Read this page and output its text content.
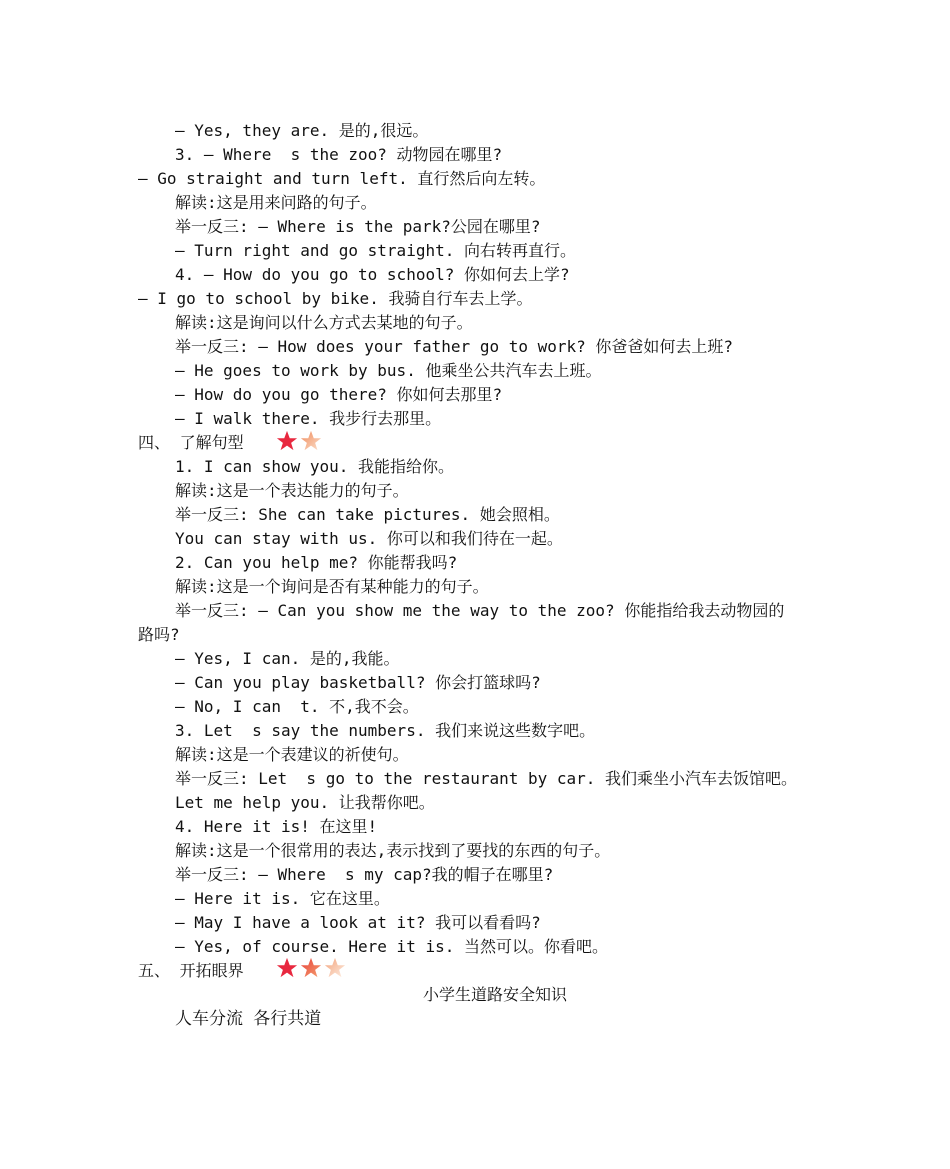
— Yes, they are. 是的,很远。
3. — Where  s the zoo? 动物园在哪里?
— Go straight and turn left. 直行然后向左转。
解读:这是用来问路的句子。
举一反三: — Where is the park?公园在哪里?
— Turn right and go straight. 向右转再直行。
4. — How do you go to school? 你如何去上学?
— I go to school by bike. 我骑自行车去上学。
解读:这是询问以什么方式去某地的句子。
举一反三: — How does your father go to work? 你爸爸如何去上班?
— He goes to work by bus. 他乘坐公共汽车去上班。
— How do you go there? 你如何去那里?
— I walk there. 我步行去那里。
四、 了解句型
1. I can show you. 我能指给你。
解读:这是一个表达能力的句子。
举一反三: She can take pictures. 她会照相。
You can stay with us. 你可以和我们待在一起。
2. Can you help me? 你能帮我吗?
解读:这是一个询问是否有某种能力的句子。
举一反三: — Can you show me the way to the zoo? 你能指给我去动物园的
路吗?
— Yes, I can. 是的,我能。
— Can you play basketball? 你会打篮球吗?
— No, I can  t. 不,我不会。
3. Let  s say the numbers. 我们来说这些数字吧。
解读:这是一个表建议的祈使句。
举一反三: Let  s go to the restaurant by car. 我们乘坐小汽车去饭馆吧。
Let me help you. 让我帮你吧。
4. Here it is! 在这里!
解读:这是一个很常用的表达,表示找到了要找的东西的句子。
举一反三: — Where  s my cap?我的帽子在哪里?
— Here it is. 它在这里。
— May I have a look at it? 我可以看看吗?
— Yes, of course. Here it is. 当然可以。你看吧。
五、 开拓眼界
小学生道路安全知识
人车分流 各行共道
